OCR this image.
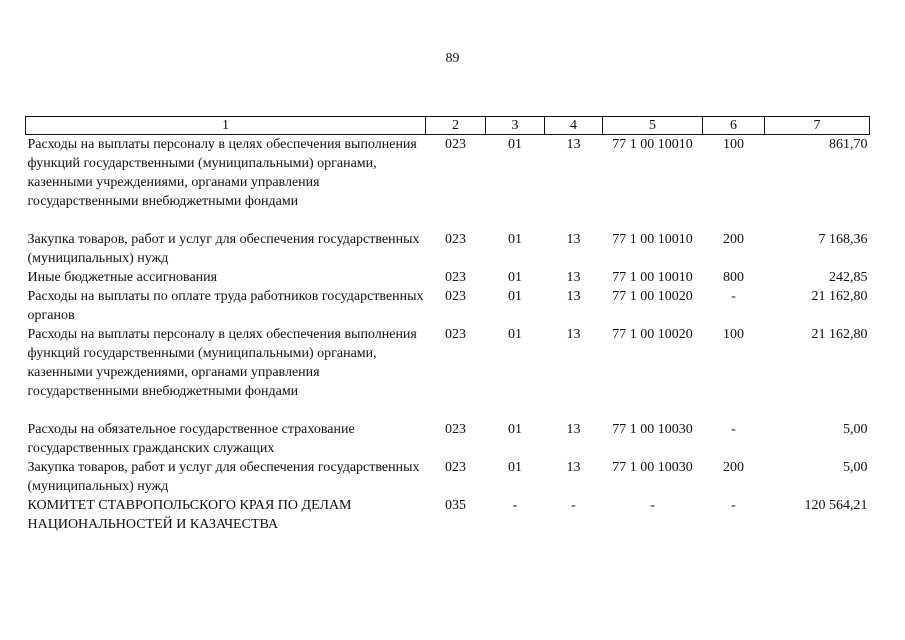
89
1	2	3	4	5	6	7
Расходы на выплаты персоналу в целях обеспечения выполнения функций государственными (муниципальными) органами, казенными учреждениями, органами управления государственными внебюджетными фондами	023	01	13	77 1 00 10010	100	861,70
Закупка товаров, работ и услуг для обеспечения государственных (муниципальных) нужд	023	01	13	77 1 00 10010	200	7 168,36
Иные бюджетные ассигнования	023	01	13	77 1 00 10010	800	242,85
Расходы на выплаты по оплате труда работников государственных органов	023	01	13	77 1 00 10020	-	21 162,80
Расходы на выплаты персоналу в целях обеспечения выполнения функций государственными (муниципальными) органами, казенными учреждениями, органами управления государственными внебюджетными фондами	023	01	13	77 1 00 10020	100	21 162,80
Расходы на обязательное государственное страхование государственных гражданских служащих	023	01	13	77 1 00 10030	-	5,00
Закупка товаров, работ и услуг для обеспечения государственных (муниципальных) нужд	023	01	13	77 1 00 10030	200	5,00
КОМИТЕТ СТАВРОПОЛЬСКОГО КРАЯ ПО ДЕЛАМ НАЦИОНАЛЬНОСТЕЙ И КАЗАЧЕСТВА	035	-	-	-	-	120 564,21
